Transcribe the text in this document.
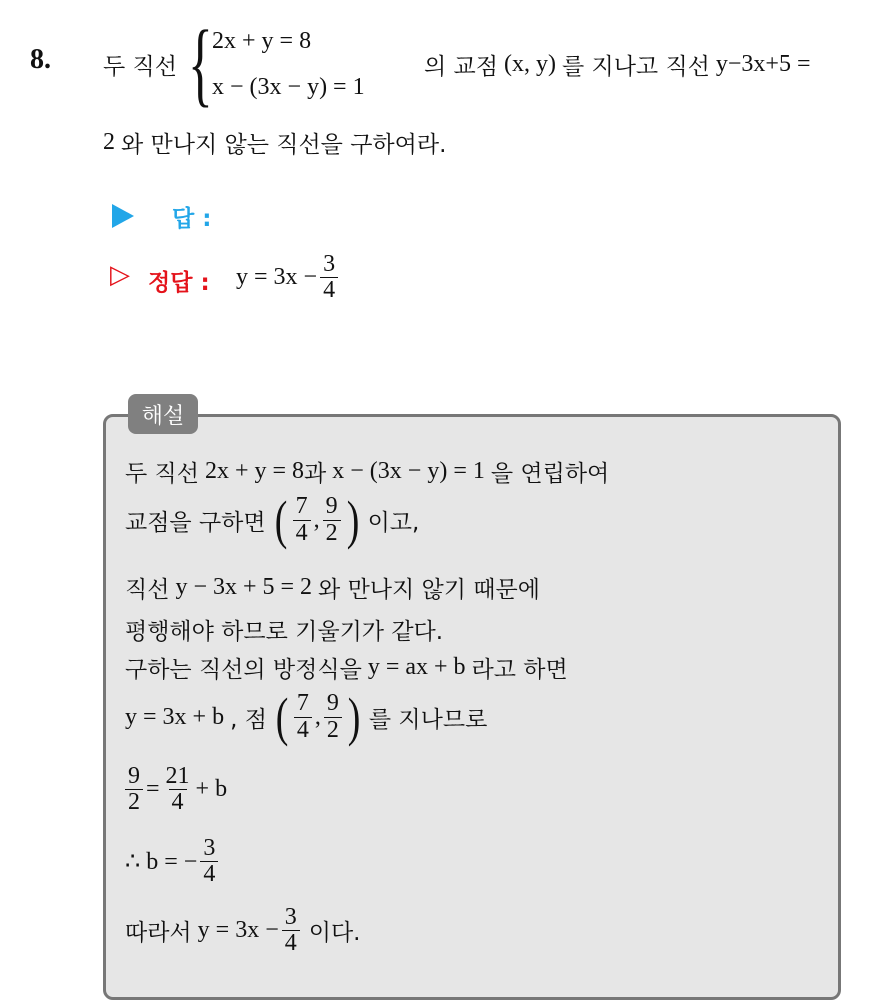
8. 두 직선 { 2x + y = 8
x − (3x − y) = 1
의 교점 (x, y) 를 지나고 직선 y−3x+5 =
2 와 만나지 않는 직선을 구하여라.
답 :
▷ 정답 : $y = 3x - \frac{3}{4}$
해설
두 직선 2x + y = 8 과 x − (3x − y) = 1 을 연립하여
교점을 구하면 ( $\frac{7}{4}$ , $\frac{9}{2}$ ) 이고,
직선 y − 3x + 5 = 2 와 만나지 않기 때문에
평행해야 하므로 기울기가 같다.
구하는 직선의 방정식을 y = ax + b 라고 하면
y = 3x + b , 점 ( $\frac{7}{4}$ , $\frac{9}{2}$ ) 를 지나므로
$\frac{9}{2} = \frac{21}{4} + b$
∴ b = − $\frac{3}{4}$
따라서 $y = 3x - \frac{3}{4}$ 이다.
